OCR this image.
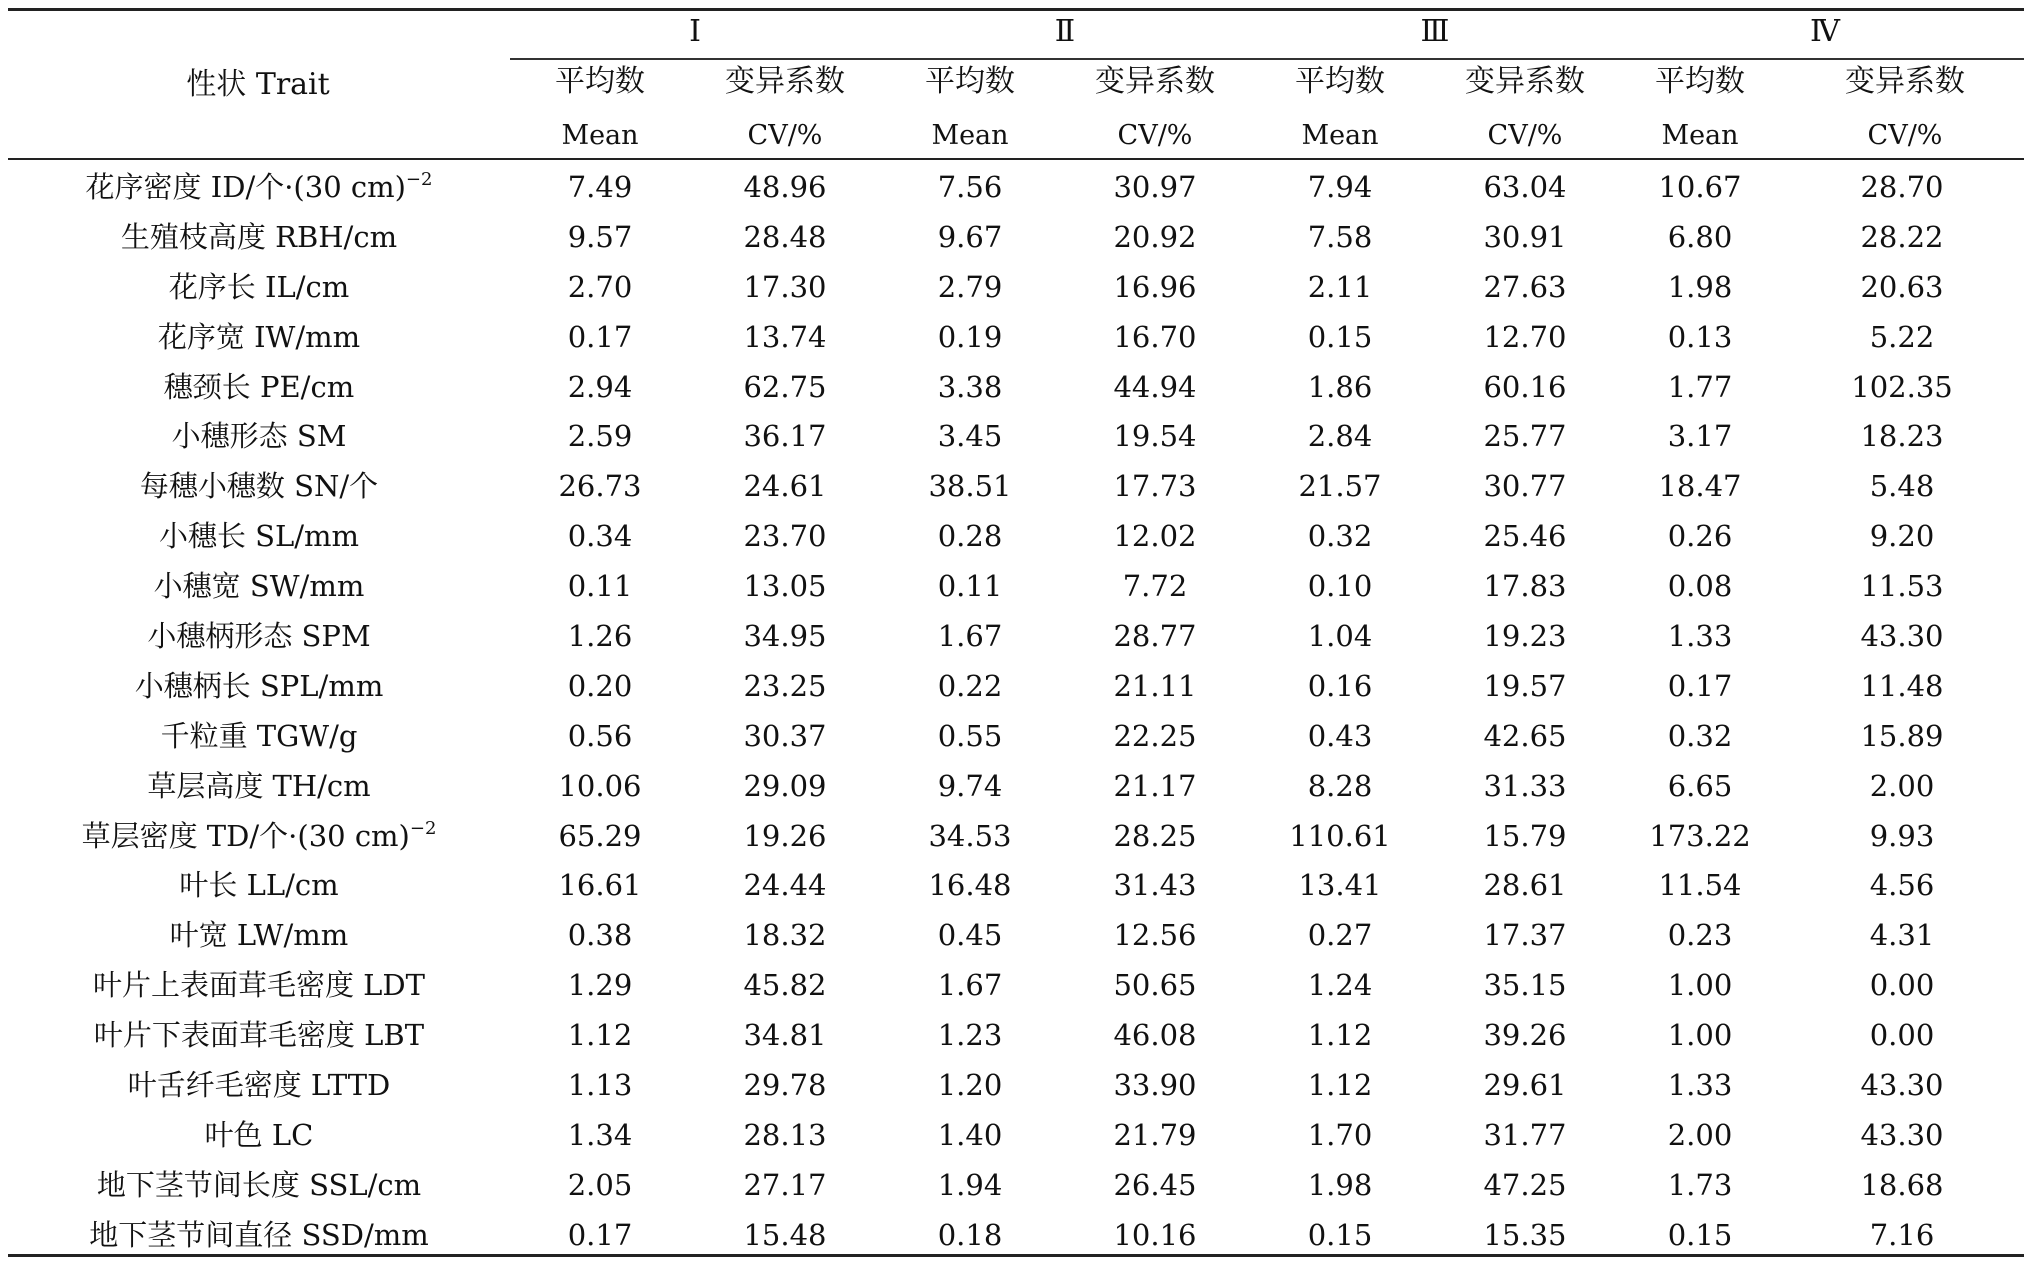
性状 Trait
Ⅰ	Ⅱ	Ⅲ	Ⅳ
平均数	变异系数	平均数	变异系数	平均数	变异系数	平均数	变异系数
Mean	CV/%	Mean	CV/%	Mean	CV/%	Mean	CV/%
花序密度 ID/个·(30 cm)$^{-2}$	7.49	48.96	7.56	30.97	7.94	63.04	10.67	28.70
生殖枝高度 RBH/cm	9.57	28.48	9.67	20.92	7.58	30.91	6.80	28.22
花序长 IL/cm	2.70	17.30	2.79	16.96	2.11	27.63	1.98	20.63
花序宽 IW/mm	0.17	13.74	0.19	16.70	0.15	12.70	0.13	5.22
穗颈长 PE/cm	2.94	62.75	3.38	44.94	1.86	60.16	1.77	102.35
小穗形态 SM	2.59	36.17	3.45	19.54	2.84	25.77	3.17	18.23
每穗小穗数 SN/个	26.73	24.61	38.51	17.73	21.57	30.77	18.47	5.48
小穗长 SL/mm	0.34	23.70	0.28	12.02	0.32	25.46	0.26	9.20
小穗宽 SW/mm	0.11	13.05	0.11	7.72	0.10	17.83	0.08	11.53
小穗柄形态 SPM	1.26	34.95	1.67	28.77	1.04	19.23	1.33	43.30
小穗柄长 SPL/mm	0.20	23.25	0.22	21.11	0.16	19.57	0.17	11.48
千粒重 TGW/g	0.56	30.37	0.55	22.25	0.43	42.65	0.32	15.89
草层高度 TH/cm	10.06	29.09	9.74	21.17	8.28	31.33	6.65	2.00
草层密度 TD/个·(30 cm)$^{-2}$	65.29	19.26	34.53	28.25	110.61	15.79	173.22	9.93
叶长 LL/cm	16.61	24.44	16.48	31.43	13.41	28.61	11.54	4.56
叶宽 LW/mm	0.38	18.32	0.45	12.56	0.27	17.37	0.23	4.31
叶片上表面茸毛密度 LDT	1.29	45.82	1.67	50.65	1.24	35.15	1.00	0.00
叶片下表面茸毛密度 LBT	1.12	34.81	1.23	46.08	1.12	39.26	1.00	0.00
叶舌纤毛密度 LTTD	1.13	29.78	1.20	33.90	1.12	29.61	1.33	43.30
叶色 LC	1.34	28.13	1.40	21.79	1.70	31.77	2.00	43.30
地下茎节间长度 SSL/cm	2.05	27.17	1.94	26.45	1.98	47.25	1.73	18.68
地下茎节间直径 SSD/mm	0.17	15.48	0.18	10.16	0.15	15.35	0.15	7.16
